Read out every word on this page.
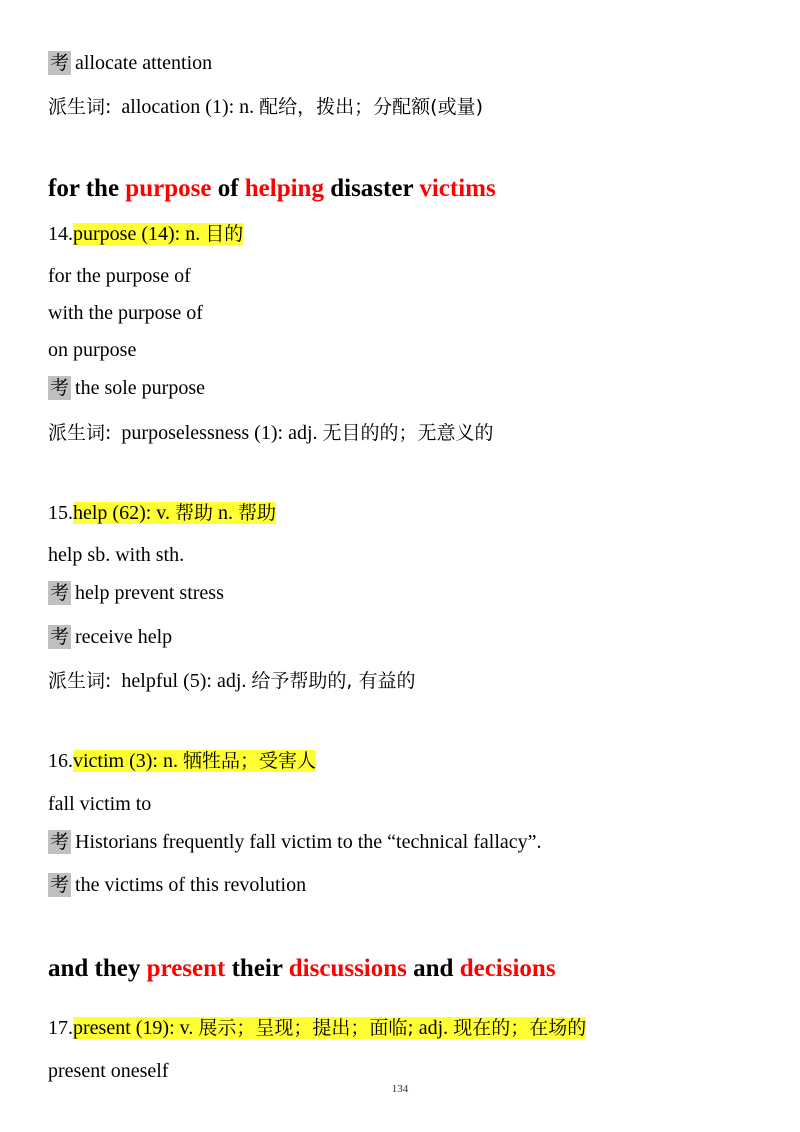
考 allocate attention
派生词: allocation (1): n. 配给，拨出；分配额(或量)
for the purpose of helping disaster victims
14.purpose (14): n. 目的
for the purpose of
with the purpose of
on purpose
考 the sole purpose
派生词: purposelessness (1): adj. 无目的的；无意义的
15.help (62): v. 帮助 n. 帮助
help sb. with sth.
考 help prevent stress
考 receive help
派生词: helpful (5): adj. 给予帮助的, 有益的
16.victim (3): n. 牺牲品；受害人
fall victim to
考 Historians frequently fall victim to the “technical fallacy”.
考 the victims of this revolution
and they present their discussions and decisions
17.present (19): v. 展示；呈现；提出；面临; adj. 现在的；在场的
present oneself
134
